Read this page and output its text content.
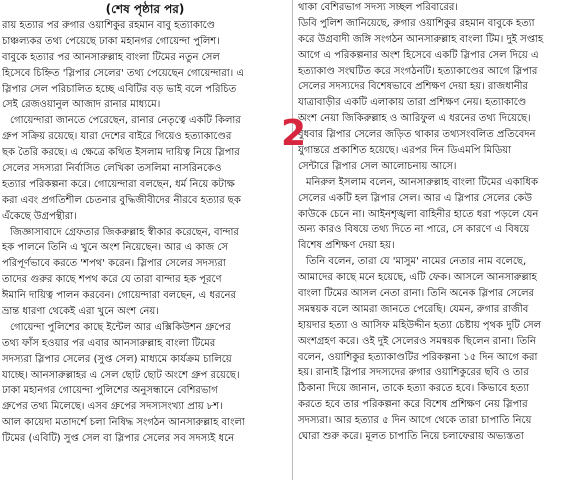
(শেষ পৃষ্ঠার পর)
রায় হত্যার পর রুগার ওয়াশিকুর রহমান বাবু হত্যাকাণ্ডে
চাঞ্চল্যকর তথ্য পেয়েছে ঢাকা মহানগর গোয়েন্দা পুলিশ।
বাবুকে হত্যার পর আনসারুল্লাহ বাংলা টিমের নতুন সেল
হিসেবে চিহ্নিত 'স্লিপার সেলের' তথ্য পেয়েছেন গোয়েন্দারা। এ
স্লিপার সেল পরিচালিত হচ্ছে এবিটির বড় ভাই বলে পরিচিত
সেই রেজওয়ানুল আজাদ রানার মাধ্যমে।
গোয়েন্দারা জানতে পেরেছেন, রানার নেতৃত্বে একটি কিলার
গ্রুপ সক্রিয় রয়েছে। যারা দেশের বাইরে গিয়েও হত্যাকাণ্ডের
ছক তৈরি করছে। এ ক্ষেত্রে কথিত ইসলাম দায়িত্ব নিয়ে স্লিপার
সেলের সদস্যরা নির্বাসিত লেখিকা তসলিমা নাসরিনকেও
হত্যার পরিকল্পনা করে। গোয়েন্দারা বলছেন, ধর্ম নিয়ে কটাক্ষ
করা এবং প্রগতিশীল চেতনার বুদ্ধিজীবীদের নীরবে হত্যার ছক
এঁকেছে উগ্রপন্থীরা।
জিজ্ঞাসাবাদে গ্রেফতার জিকরুল্লাহ স্বীকার করেছেন, বান্দার
হক পালনে তিনি এ খুনে অংশ নিয়েছেন। আর এ কাজ সে
পরিপূর্ণভাবে করতে 'শপথ' করেন। স্লিপার সেলের সদস্যরা
তাদের গুরুর কাছে শপথ করে যে তারা বান্দার হক পূরণে
ঈমানি দায়িত্ব পালন করবেন। গোয়েন্দারা বলছেন, এ ধরনের
ভ্রান্ত ধারণা থেকেই এরা খুনে অংশ নেয়।
গোয়েন্দা পুলিশের কাছে ইন্টেল আর এক্সিকিউশন গ্রুপের
তথ্য ফাঁস হওয়ার পর এবার আনসারুল্লাহ বাংলা টিমের
সদস্যরা স্লিপার সেলের (সুপ্ত সেল) মাধ্যমে কার্যক্রম চালিয়ে
যাচ্ছে। আনসারুল্লাহর এ সেল ছোট ছোট অংশে গ্রুপ রয়েছে।
ঢাকা মহানগর গোয়েন্দা পুলিশের অনুসন্ধানে বেশিরভাগ
গ্রুপের তথ্য মিলেছে। এসব গ্রুপের সদস্যসংখ্যা প্রায় ৮শ।
আল কায়েদা মতাদর্শে চলা নিষিদ্ধ সংগঠন আনসারুল্লাহ বাংলা
টিমের (এবিটি) সুপ্ত সেল বা স্লিপার সেলের সব সদস্যই ধনে
থাকা বেশিরভাগ সদস্য সচ্ছল পরিবারের।
ডিবি পুলিশ জানিয়েছে, রুগার ওয়াশিকুর রহমান বাবুকে হত্যা
করে উগ্রবাদী জঙ্গি সংগঠন আনসারুল্লাহ বাংলা টিম। দুই সপ্তাহ
আগে এ পরিকল্পনার অংশ হিসেবে একটি স্লিপার সেল দিয়ে এ
হত্যাকাণ্ড সংঘটিত করে সংগঠনটি। হত্যাকাণ্ডের আগে স্লিপার
সেলের সদস্যদের বিশেষভাবে প্রশিক্ষণ দেয়া হয়। রাজধানীর
যাত্রাবাড়ীর একটি এলাকায় তারা প্রশিক্ষণ নেয়। হত্যাকাণ্ডে
অংশ নেয়া জিকিরুল্লাহ ও আরিফুল এ ধরনের তথ্য দিয়েছে।
বুধবার স্লিপার সেলের জড়িত থাকার তথ্যসংবলিত প্রতিবেদন
যুগান্তরে প্রকাশিত হয়েছে। এরপর দিন ডিএমপি মিডিয়া
সেন্টারে স্লিপার সেল আলোচনায় আসে।
মনিরুল ইসলাম বলেন, আনসারুল্লাহ বাংলা টিমের একাধিক
সেলের একটি হল স্লিপার সেল। আর এ স্লিপার সেলের কেউ
কাউকে চেনে না। আইনশৃঙ্খলা বাহিনীর হাতে ধরা পড়লে যেন
অন্য কারও বিষয়ে তথ্য দিতে না পারে, সে কারণে এ বিষয়ে
বিশেষ প্রশিক্ষণ দেয়া হয়।
তিনি বলেন, তারা যে 'মাসুম' নামের নেতার নাম বলেছে,
আমাদের কাছে মনে হয়েছে, এটি ফেক। আসলে আনসারুল্লাহ
বাংলা টিমের আসল নেতা রানা। তিনি অনেক স্লিপার সেলের
সমন্বয়ক বলে আমরা জানতে পেরেছি। যেমন, রুগার রাজীব
হায়দার হত্যা ও আসিফ মহিউদ্দীন হত্যা চেষ্টায় পৃথক দুটি সেল
অংশগ্রহণ করে। ওই দুই সেলেরও সমন্বয়ক ছিলেন রানা। তিনি
বলেন, ওয়াশিকুর হত্যাকাণ্ডটির পরিকল্পনা ১৫ দিন আগে করা
হয়। রানাই স্লিপার সদস্যদের রুগার ওয়াশিকুরের ছবি ও তার
ঠিকানা দিয়ে জানান, তাকে হত্যা করতে হবে। কিভাবে হত্যা
করতে হবে তার পরিকল্পনা করে বিশেষ প্রশিক্ষণ নেয় স্লিপার
সদস্যরা। আর হত্যার ৫ দিন আগে থেকে তারা চাপাতি নিয়ে
ঘোরা শুরু করে। মূলত চাপাতি নিয়ে চলাফেরায় অভ্যস্ততা
2
